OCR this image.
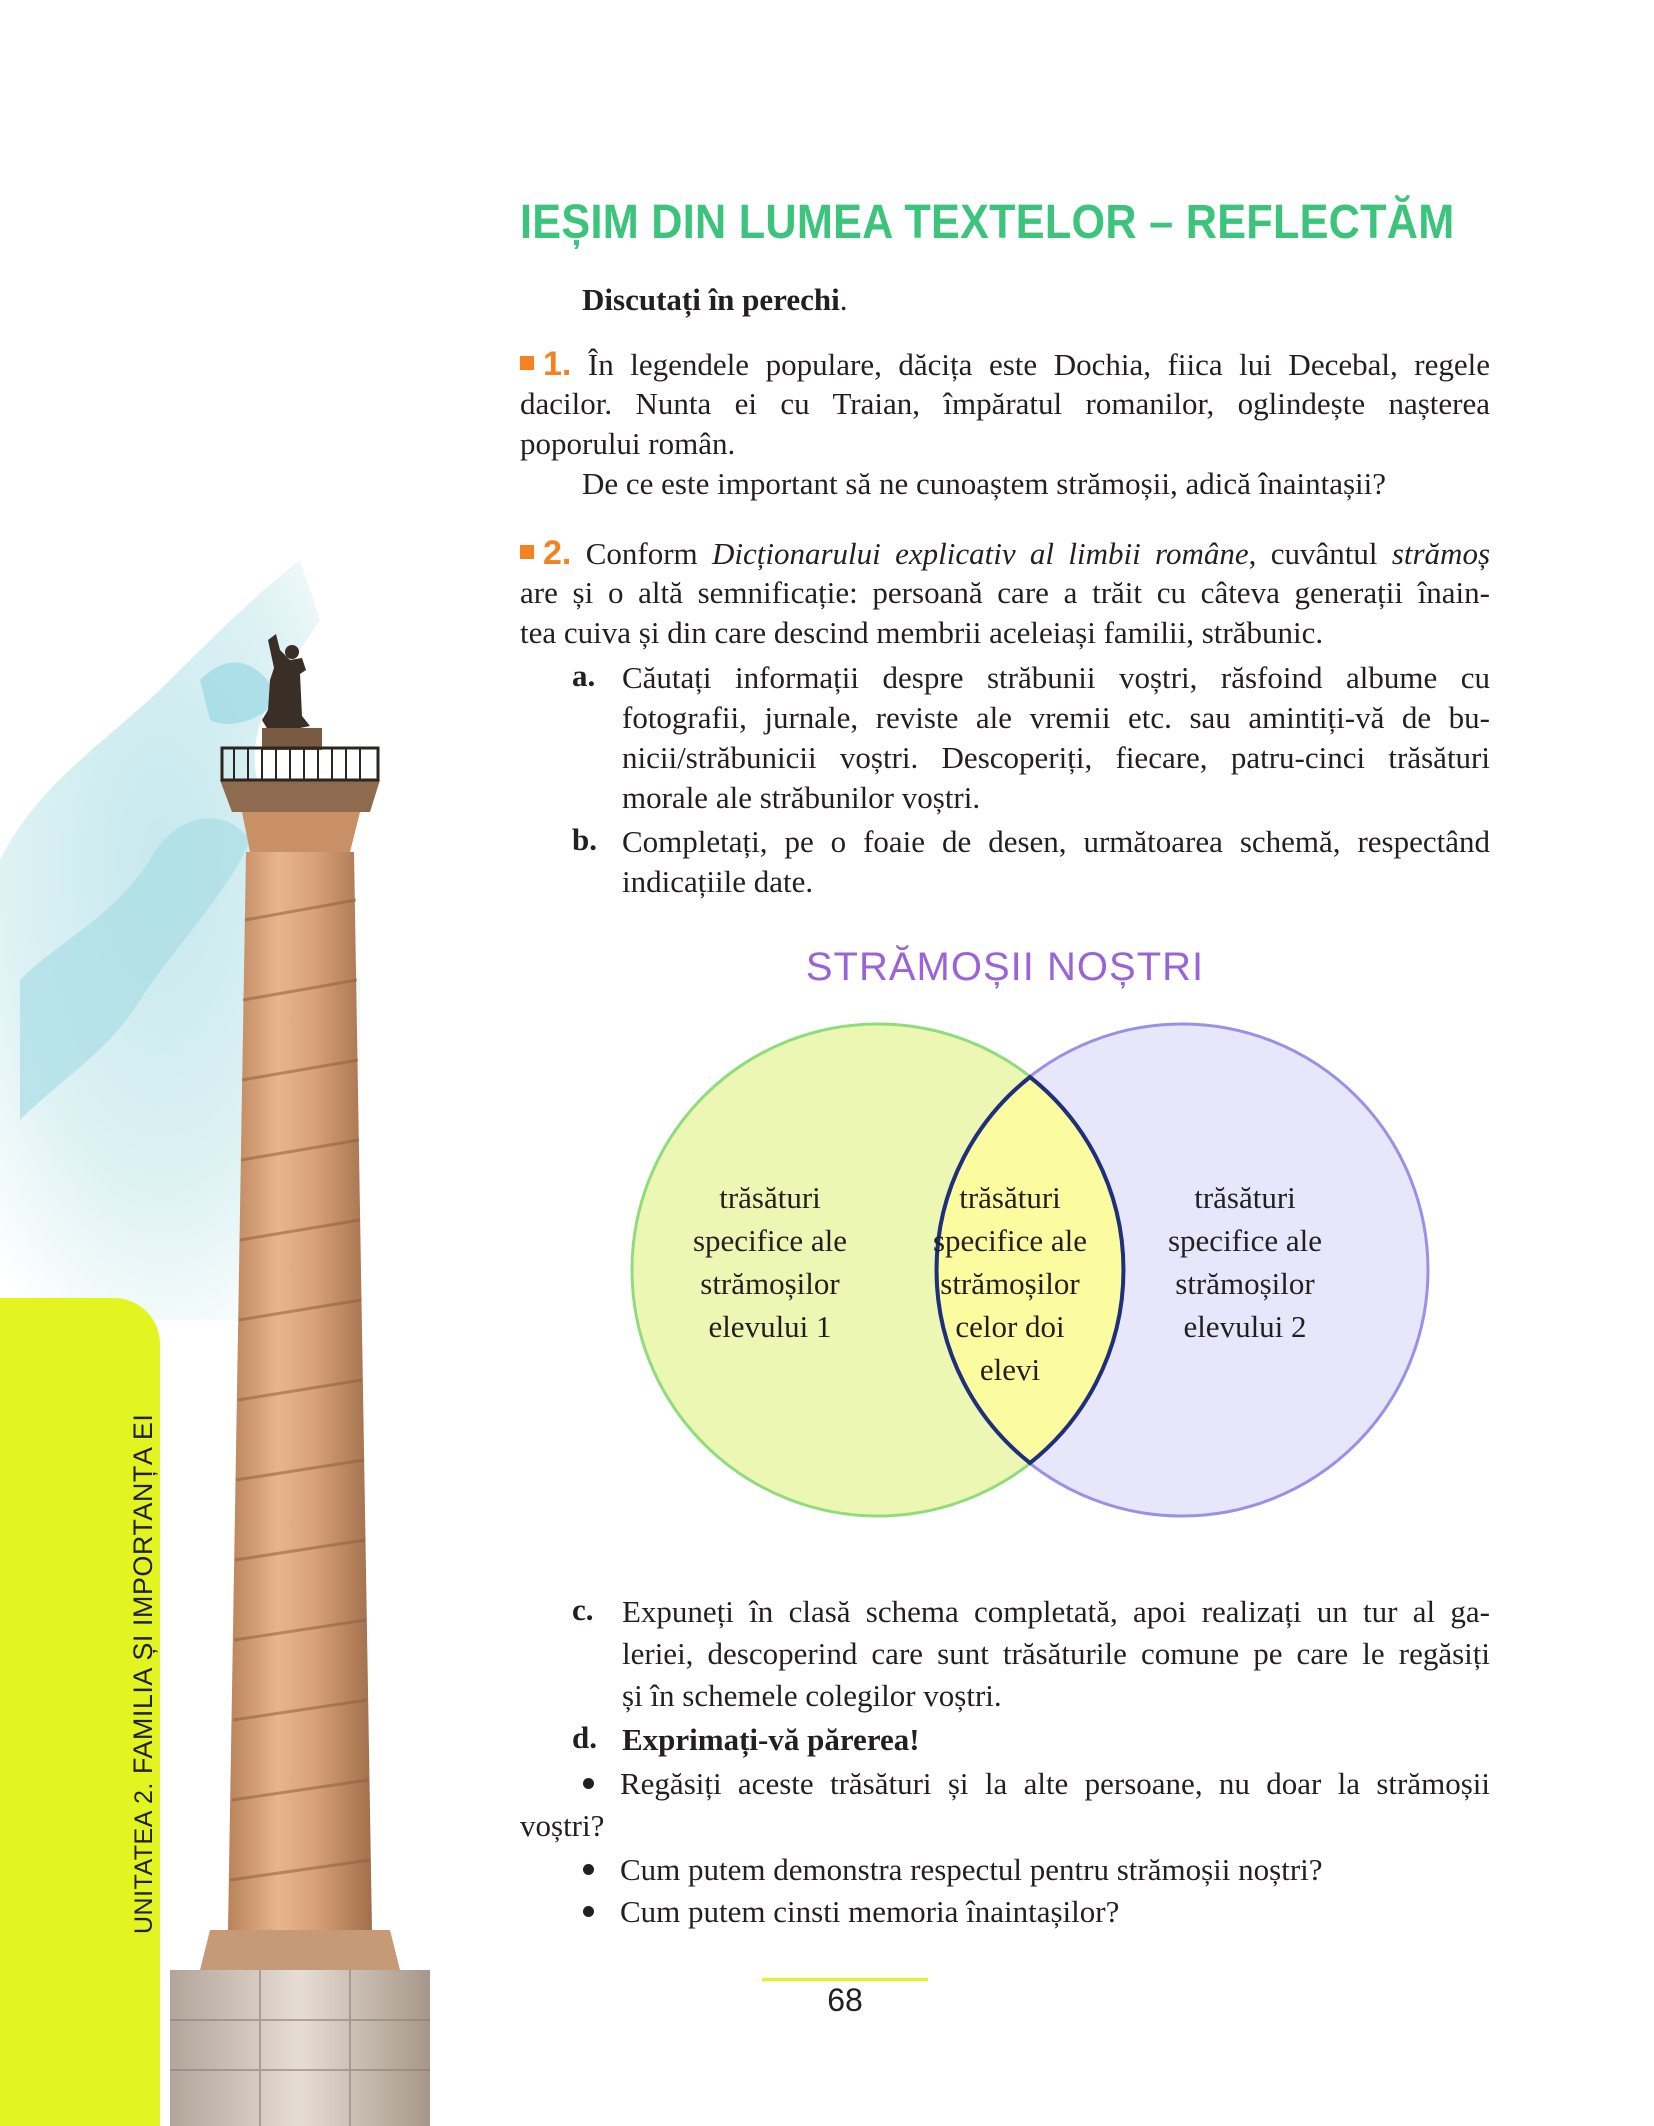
UNITATEA 2.FAMILIA ȘI IMPORTANȚA EI
IEȘIM DIN LUMEA TEXTELOR – REFLECTĂM
Discutați în perechi.
1. În legendele populare, dăcița este Dochia, fiica lui Decebal, regele
dacilor. Nunta ei cu Traian, împăratul romanilor, oglindește nașterea
poporului român.
De ce este important să ne cunoaștem strămoșii, adică înaintașii?
2. Conform Dicționarului explicativ al limbii române, cuvântul strămoș
are și o altă semnificație: persoană care a trăit cu câteva generații înain-
tea cuiva și din care descind membrii aceleiași familii, străbunic.
a. Căutați informații despre străbunii voștri, răsfoind albume cu
fotografii, jurnale, reviste ale vremii etc. sau amintiți-vă de bu-
nicii/străbunicii voștri. Descoperiți, fiecare, patru-cinci trăsături
morale ale străbunilor voștri.
b. Completați, pe o foaie de desen, următoarea schemă, respectând
indicațiile date.
STRĂMOȘII NOȘTRI
trăsături
specifice ale
strămoșilor
elevului 1
trăsături
specifice ale
strămoșilor
celor doi
elevi
trăsături
specifice ale
strămoșilor
elevului 2
c. Expuneți în clasă schema completată, apoi realizați un tur al ga-
leriei, descoperind care sunt trăsăturile comune pe care le regăsiți
și în schemele colegilor voștri.
d. Exprimați-vă părerea!
Regăsiți aceste trăsături și la alte persoane, nu doar la strămoșii
voștri?
Cum putem demonstra respectul pentru strămoșii noștri?
Cum putem cinsti memoria înaintașilor?
68
